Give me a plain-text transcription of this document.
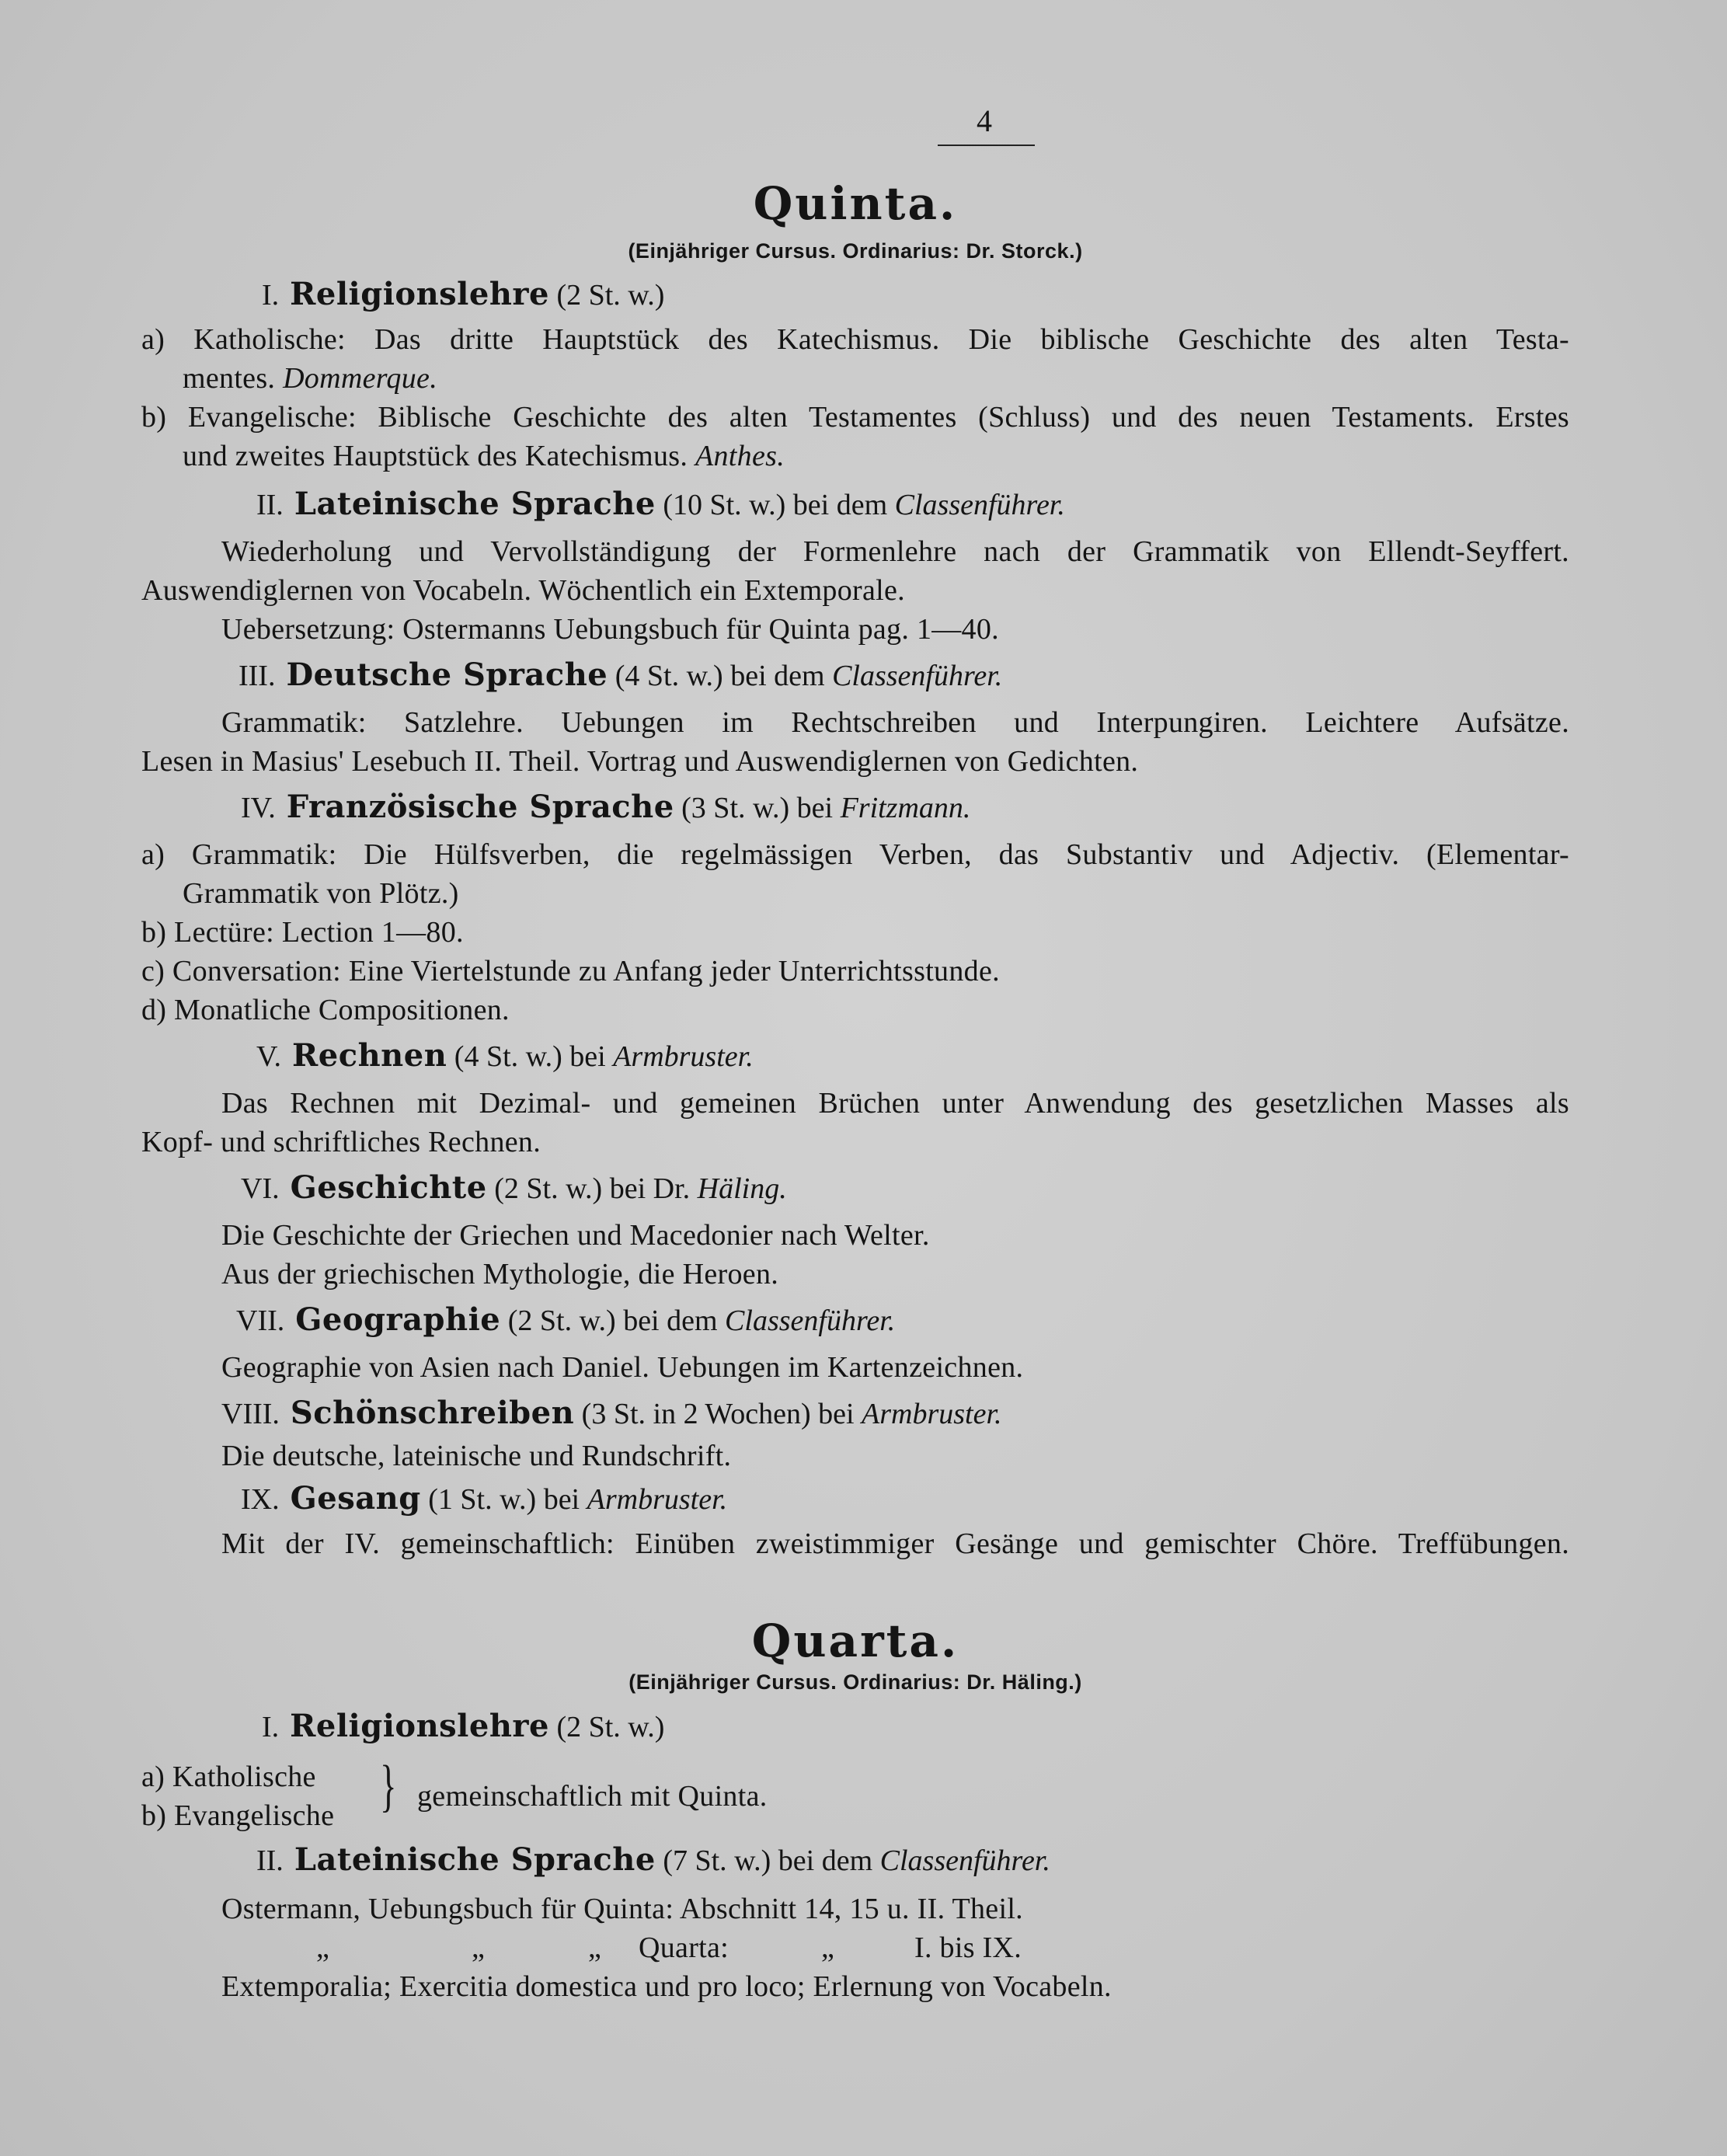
4
Quinta.
(Einjähriger Cursus. Ordinarius: Dr. Storck.)
I. Religionslehre (2 St. w.)
a) Katholische: Das dritte Hauptstück des Katechismus. Die biblische Geschichte des alten Testa-
mentes. Dommerque.
b) Evangelische: Biblische Geschichte des alten Testamentes (Schluss) und des neuen Testaments. Erstes
und zweites Hauptstück des Katechismus. Anthes.
II. Lateinische Sprache (10 St. w.) bei dem Classenführer.
Wiederholung und Vervollständigung der Formenlehre nach der Grammatik von Ellendt-Seyffert.
Auswendiglernen von Vocabeln. Wöchentlich ein Extemporale.
Uebersetzung: Ostermanns Uebungsbuch für Quinta pag. 1—40.
III. Deutsche Sprache (4 St. w.) bei dem Classenführer.
Grammatik: Satzlehre. Uebungen im Rechtschreiben und Interpungiren. Leichtere Aufsätze.
Lesen in Masius' Lesebuch II. Theil. Vortrag und Auswendiglernen von Gedichten.
IV. Französische Sprache (3 St. w.) bei Fritzmann.
a) Grammatik: Die Hülfsverben, die regelmässigen Verben, das Substantiv und Adjectiv. (Elementar-
Grammatik von Plötz.)
b) Lectüre: Lection 1—80.
c) Conversation: Eine Viertelstunde zu Anfang jeder Unterrichtsstunde.
d) Monatliche Compositionen.
V. Rechnen (4 St. w.) bei Armbruster.
Das Rechnen mit Dezimal- und gemeinen Brüchen unter Anwendung des gesetzlichen Masses als
Kopf- und schriftliches Rechnen.
VI. Geschichte (2 St. w.) bei Dr. Häling.
Die Geschichte der Griechen und Macedonier nach Welter.
Aus der griechischen Mythologie, die Heroen.
VII. Geographie (2 St. w.) bei dem Classenführer.
Geographie von Asien nach Daniel. Uebungen im Kartenzeichnen.
VIII. Schönschreiben (3 St. in 2 Wochen) bei Armbruster.
Die deutsche, lateinische und Rundschrift.
IX. Gesang (1 St. w.) bei Armbruster.
Mit der IV. gemeinschaftlich: Einüben zweistimmiger Gesänge und gemischter Chöre. Treffübungen.
Quarta.
(Einjähriger Cursus. Ordinarius: Dr. Häling.)
I. Religionslehre (2 St. w.)
a) Katholische
b) Evangelische } gemeinschaftlich mit Quinta.
II. Lateinische Sprache (7 St. w.) bei dem Classenführer.
Ostermann, Uebungsbuch für Quinta: Abschnitt 14, 15 u. II. Theil.
„	„	„ Quarta:	„	I. bis IX.
Extemporalia; Exercitia domestica und pro loco; Erlernung von Vocabeln.
